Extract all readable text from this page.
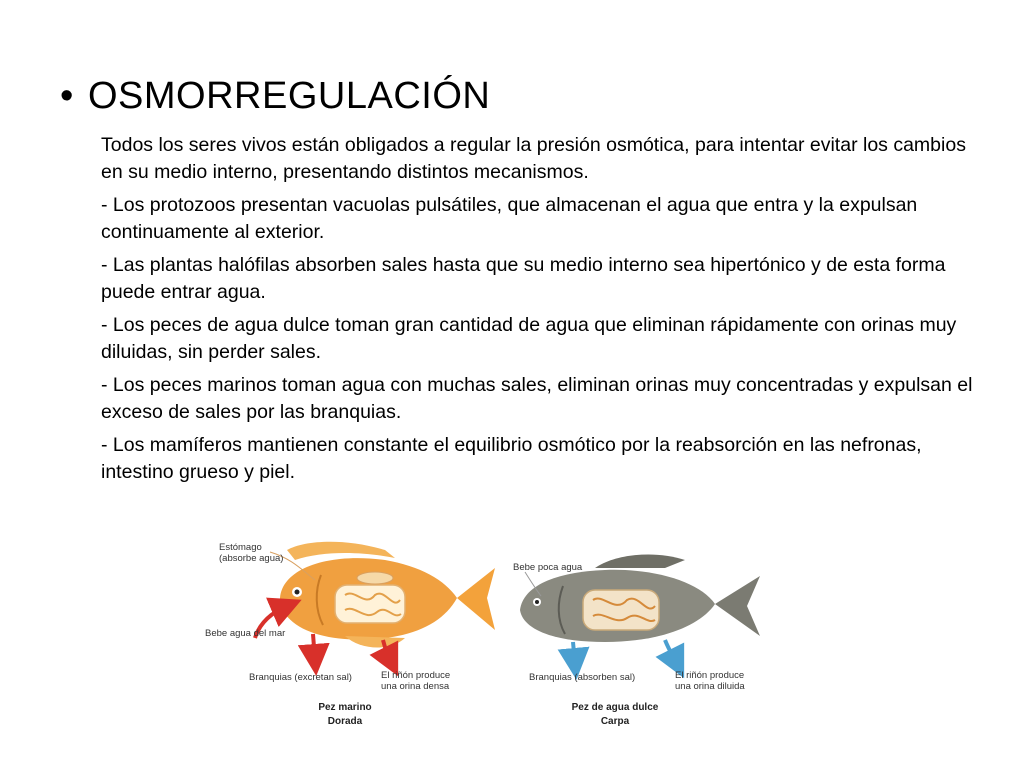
• OSMORREGULACIÓN

Todos los seres vivos están obligados a regular la presión osmótica, para intentar evitar los cambios en su medio interno, presentando distintos mecanismos.

- Los protozoos presentan vacuolas pulsátiles, que almacenan el agua que entra y la expulsan continuamente al exterior.

- Las plantas halófilas absorben sales hasta que su medio interno sea hipertónico y de esta forma puede entrar agua.

- Los peces de agua dulce toman gran cantidad de agua que eliminan rápidamente con orinas muy diluidas, sin perder sales.

- Los peces marinos toman agua con muchas sales, eliminan orinas muy concentradas y expulsan el exceso de sales por las branquias.

- Los mamíferos mantienen constante el equilibrio osmótico por la reabsorción en las nefronas, intestino grueso y piel.

Estómago
(absorbe agua)
Bebe agua del mar
Branquias (excretan sal)	El riñón produce
una orina densa
Pez marino
Dorada
Bebe poca agua
Branquias (absorben sal)	El riñón produce
una orina diluida
Pez de agua dulce
Carpa
